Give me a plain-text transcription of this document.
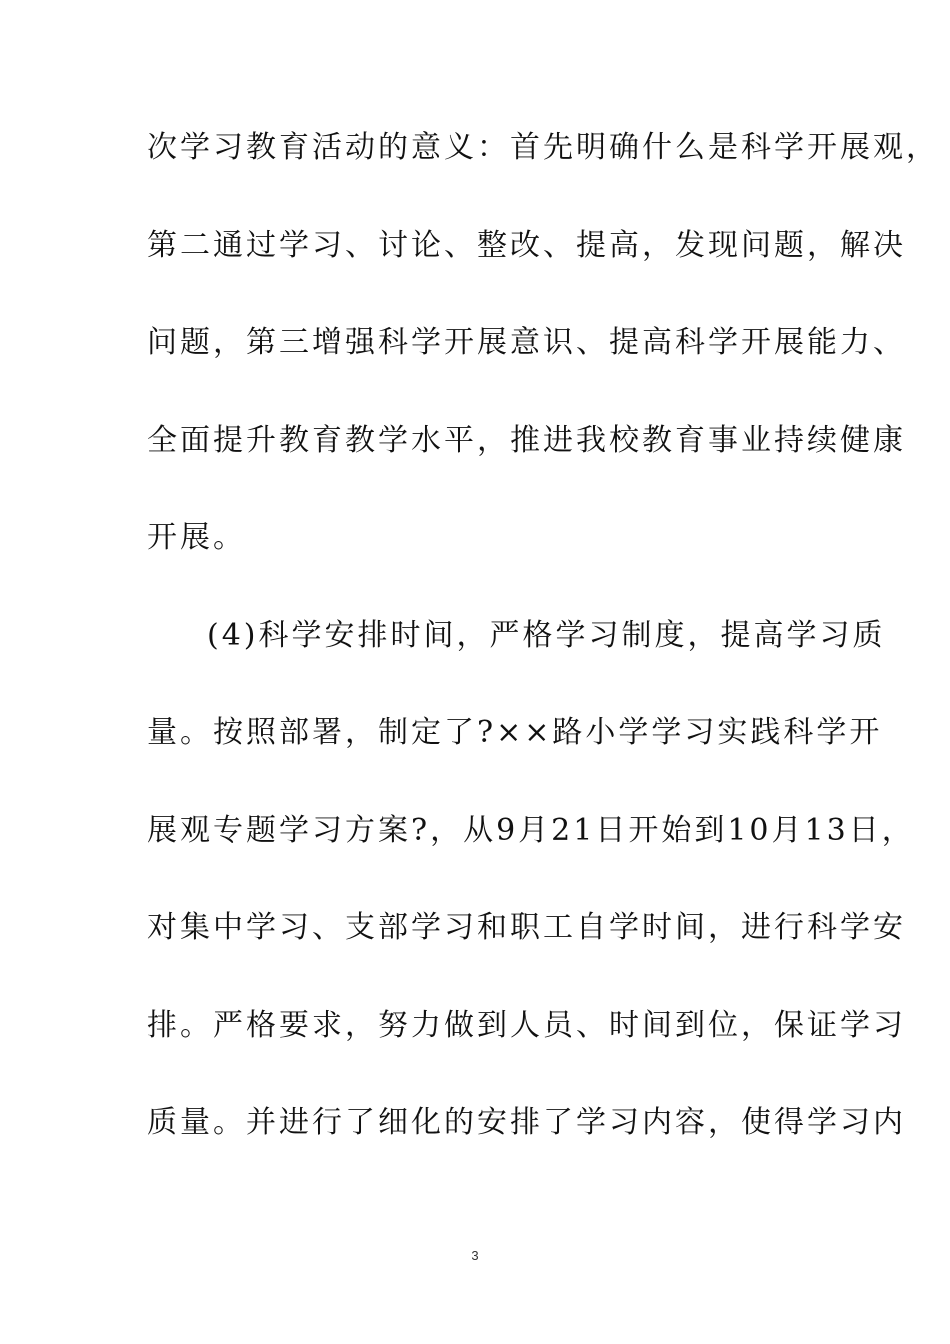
次学习教育活动的意义：首先明确什么是科学开展观，
第二通过学习、讨论、整改、提高，发现问题，解决
问题，第三增强科学开展意识、提高科学开展能力、
全面提升教育教学水平，推进我校教育事业持续健康
开展。
(4)科学安排时间，严格学习制度，提高学习质
量。按照部署，制定了?××路小学学习实践科学开
展观专题学习方案?，从9月21日开始到10月13日，
对集中学习、支部学习和职工自学时间，进行科学安
排。严格要求，努力做到人员、时间到位，保证学习
质量。并进行了细化的安排了学习内容，使得学习内
3
